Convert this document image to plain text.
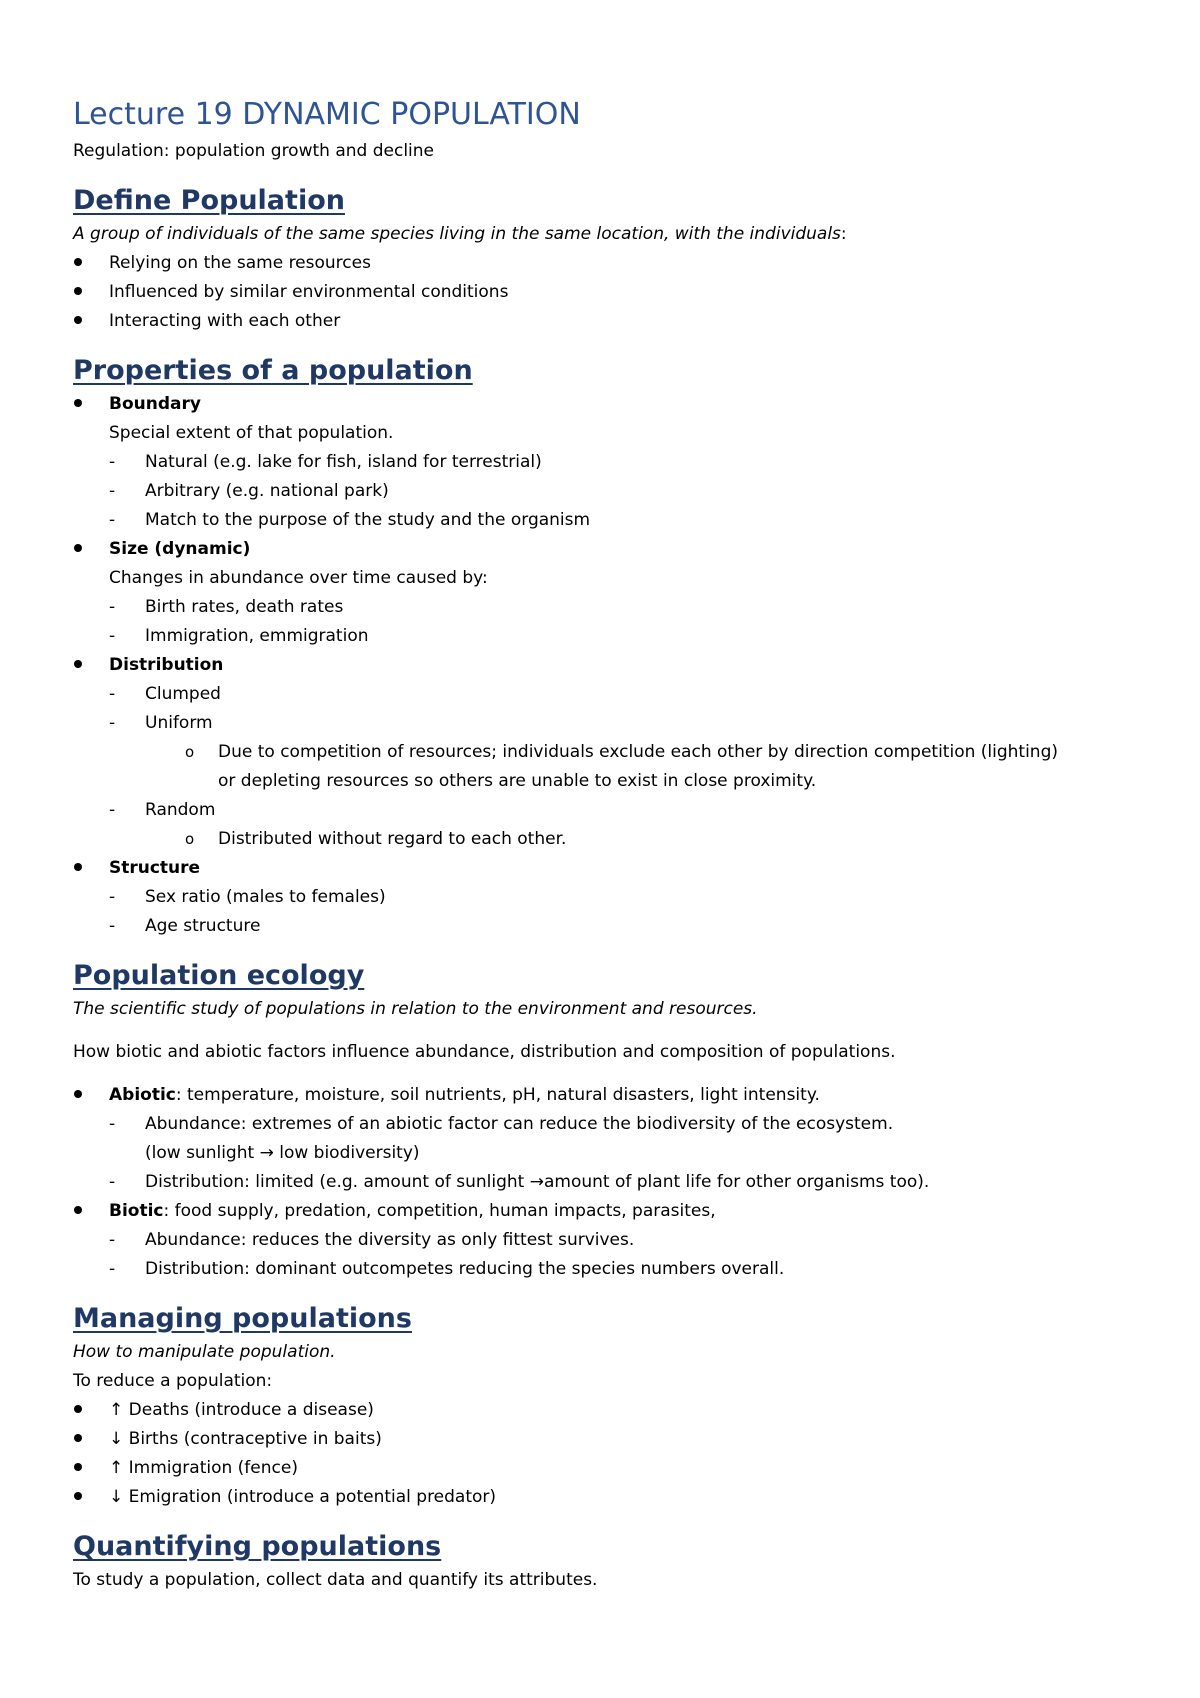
Lecture 19 DYNAMIC POPULATION

Regulation: population growth and decline

Define Population

A group of individuals of the same species living in the same location, with the individuals:

Relying on the same resources
Influenced by similar environmental conditions
Interacting with each other
Properties of a population
Boundary
Special extent of that population.
-	Natural (e.g. lake for fish, island for terrestrial)
-	Arbitrary (e.g. national park)
-	Match to the purpose of the study and the organism
Size (dynamic)
Changes in abundance over time caused by:
-	Birth rates, death rates
-	Immigration, emmigration
Distribution
-	Clumped
-	Uniform
o	Due to competition of resources; individuals exclude each other by direction competition (lighting)
or depleting resources so others are unable to exist in close proximity.
-	Random
o	Distributed without regard to each other.
Structure
-	Sex ratio (males to females)
-	Age structure
Population ecology

The scientific study of populations in relation to the environment and resources.

How biotic and abiotic factors influence abundance, distribution and composition of populations.

Abiotic: temperature, moisture, soil nutrients, pH, natural disasters, light intensity.
-	Abundance: extremes of an abiotic factor can reduce the biodiversity of the ecosystem.
(low sunlight → low biodiversity)
-	Distribution: limited (e.g. amount of sunlight →amount of plant life for other organisms too).
Biotic: food supply, predation, competition, human impacts, parasites,
-	Abundance: reduces the diversity as only fittest survives.
-	Distribution: dominant outcompetes reducing the species numbers overall.
Managing populations

How to manipulate population.

To reduce a population:

↑ Deaths (introduce a disease)
↓ Births (contraceptive in baits)
↑ Immigration (fence)
↓ Emigration (introduce a potential predator)
Quantifying populations

To study a population, collect data and quantify its attributes.
